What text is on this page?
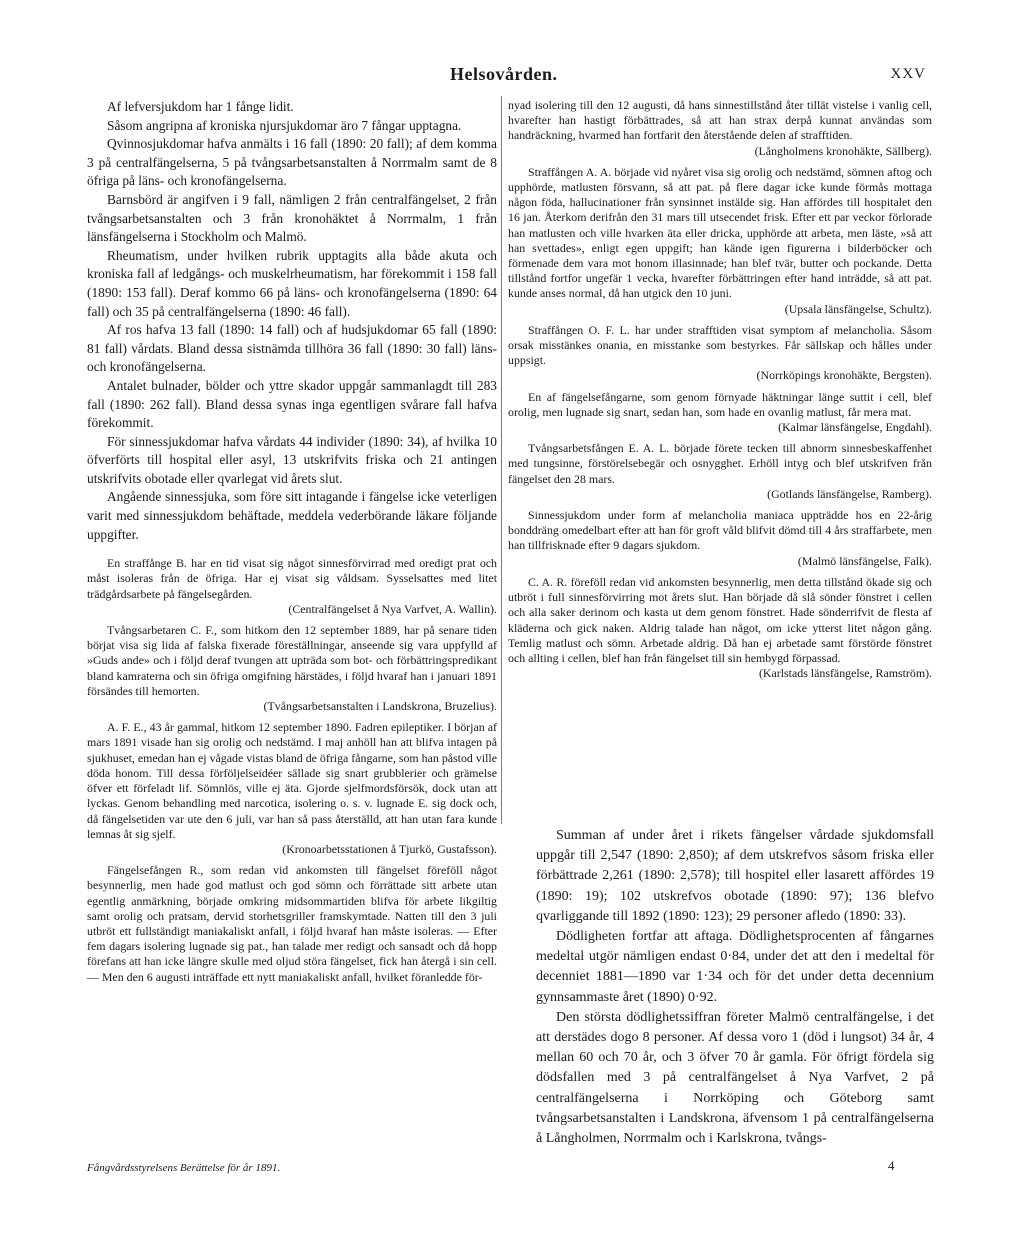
Helsovården.	XXV

Af lefversjukdom har 1 fånge lidit.

Såsom angripna af kroniska njursjukdomar äro 7 fångar upptagna.

Qvinnosjukdomar hafva anmälts i 16 fall (1890: 20 fall); af dem komma 3 på centralfängelserna, 5 på tvångsarbetsanstalten å Norrmalm samt de 8 öfriga på läns- och kronofängelserna.

Barnsbörd är angifven i 9 fall, nämligen 2 från centralfängelset, 2 från tvångsarbetsanstalten och 3 från kronohäktet å Norrmalm, 1 från länsfängelserna i Stockholm och Malmö.

Rheumatism, under hvilken rubrik upptagits alla både akuta och kroniska fall af ledgångs- och muskelrheumatism, har förekommit i 158 fall (1890: 153 fall). Deraf kommo 66 på läns- och kronofängelserna (1890: 64 fall) och 35 på centralfängelserna (1890: 46 fall).

Af ros hafva 13 fall (1890: 14 fall) och af hudsjukdomar 65 fall (1890: 81 fall) vårdats. Bland dessa sistnämda tillhöra 36 fall (1890: 30 fall) läns- och kronofängelserna.

Antalet bulnader, bölder och yttre skador uppgår sammanlagdt till 283 fall (1890: 262 fall). Bland dessa synas inga egentligen svårare fall hafva förekommit.

För sinnessjukdomar hafva vårdats 44 individer (1890: 34), af hvilka 10 öfverförts till hospital eller asyl, 13 utskrifvits friska och 21 antingen utskrifvits obotade eller qvarlegat vid årets slut.

Angående sinnessjuka, som före sitt intagande i fängelse icke veterligen varit med sinnessjukdom behäftade, meddela vederbörande läkare följande uppgifter.

En straffånge B. har en tid visat sig något sinnesförvirrad med oredigt prat och måst isoleras från de öfriga. Har ej visat sig våldsam. Sysselsattes med litet trädgårdsarbete på fängelsegården.

(Centralfängelset å Nya Varfvet, A. Wallin).

Tvångsarbetaren C. F., som hitkom den 12 september 1889, har på senare tiden börjat visa sig lida af falska fixerade föreställningar, anseende sig vara uppfylld af »Guds ande» och i följd deraf tvungen att upträda som bot- och förbättringspredikant bland kamraterna och sin öfriga omgifning härstädes, i följd hvaraf han i januari 1891 försändes till hemorten.

(Tvångsarbetsanstalten i Landskrona, Bruzelius).

A. F. E., 43 år gammal, hitkom 12 september 1890. Fadren epileptiker. I början af mars 1891 visade han sig orolig och nedstämd. I maj anhöll han att blifva intagen på sjukhuset, emedan han ej vågade vistas bland de öfriga fångarne, som han påstod ville döda honom. Till dessa förföljelseidéer sällade sig snart grubblerier och grämelse öfver ett förfeladt lif. Sömnlös, ville ej äta. Gjorde sjelfmordsförsök, dock utan att lyckas. Genom behandling med narcotica, isolering o. s. v. lugnade E. sig dock och, då fängelsetiden var ute den 6 juli, var han så pass återställd, att han utan fara kunde lemnas åt sig sjelf.

(Kronoarbetsstationen å Tjurkö, Gustafsson).

Fängelsefången R., som redan vid ankomsten till fängelset föreföll något besynnerlig, men hade god matlust och god sömn och förrättade sitt arbete utan egentlig anmärkning, började omkring midsommartiden blifva för arbete likgiltig samt orolig och pratsam, dervid storhetsgriller framskymtade. Natten till den 3 juli utbröt ett fullständigt maniakaliskt anfall, i följd hvaraf han måste isoleras. — Efter fem dagars isolering lugnade sig pat., han talade mer redigt och sansadt och då hopp förefans att han icke längre skulle med oljud störa fängelset, fick han återgå i sin cell. — Men den 6 augusti inträffade ett nytt maniakaliskt anfall, hvilket föranledde för-

nyad isolering till den 12 augusti, då hans sinnestillstånd åter tillät vistelse i vanlig cell, hvarefter han hastigt förbättrades, så att han strax derpå kunnat användas som handräckning, hvarmed han fortfarit den återstående delen af strafftiden.

(Långholmens kronohäkte, Sällberg).

Straffången A. A. började vid nyåret visa sig orolig och nedstämd, sömnen aftog och upphörde, matlusten försvann, så att pat. på flere dagar icke kunde förmås mottaga någon föda, hallucinationer från synsinnet instälde sig. Han affördes till hospitalet den 16 jan. Återkom derifrån den 31 mars till utsecendet frisk. Efter ett par veckor förlorade han matlusten och ville hvarken äta eller dricka, upphörde att arbeta, men läste, »så att han svettades», enligt egen uppgift; han kände igen figurerna i bilderböcker och förmenade dem vara mot honom illasinnade; han blef tvär, butter och pockande. Detta tillstånd fortfor ungefär 1 vecka, hvarefter förbättringen efter hand inträdde, så att pat. kunde anses normal, då han utgick den 10 juni.

(Upsala länsfängelse, Schultz).

Straffången O. F. L. har under strafftiden visat symptom af melancholia. Såsom orsak misstänkes onania, en misstanke som bestyrkes. Får sällskap och hålles under uppsigt.

(Norrköpings kronohäkte, Bergsten).

En af fängelsefångarne, som genom förnyade häktningar länge suttit i cell, blef orolig, men lugnade sig snart, sedan han, som hade en ovanlig matlust, får mera mat.

(Kalmar länsfängelse, Engdahl).

Tvångsarbetsfången E. A. L. började förete tecken till abnorm sinnesbeskaffenhet med tungsinne, förstörelsebegär och osnygghet. Erhöll intyg och blef utskrifven från fängelset den 28 mars.

(Gotlands länsfängelse, Ramberg).

Sinnessjukdom under form af melancholia maniaca uppträdde hos en 22-årig bonddräng omedelbart efter att han för groft våld blifvit dömd till 4 års straffarbete, men han tillfrisknade efter 9 dagars sjukdom.

(Malmö länsfängelse, Falk).

C. A. R. föreföll redan vid ankomsten besynnerlig, men detta tillstånd ökade sig och utbröt i full sinnesförvirring mot årets slut. Han började då slå sönder fönstret i cellen och alla saker derinom och kasta ut dem genom fönstret. Hade sönderrifvit de flesta af kläderna och gick naken. Aldrig talade han något, om icke ytterst litet någon gång. Temlig matlust och sömn. Arbetade aldrig. Då han ej arbetade samt förstörde fönstret och allting i cellen, blef han från fängelset till sin hembygd förpassad.

(Karlstads länsfängelse, Ramström).

Summan af under året i rikets fängelser vårdade sjukdomsfall uppgår till 2,547 (1890: 2,850); af dem utskrefvos såsom friska eller förbättrade 2,261 (1890: 2,578); till hospitel eller lasarett affördes 19 (1890: 19); 102 utskrefvos obotade (1890: 97); 136 blefvo qvarliggande till 1892 (1890: 123); 29 personer afledo (1890: 33).

Dödligheten fortfar att aftaga. Dödlighetsprocenten af fångarnes medeltal utgör nämligen endast 0·84, under det att den i medeltal för decenniet 1881—1890 var 1·34 och för det under detta decennium gynnsammaste året (1890) 0·92.

Den största dödlighetssiffran företer Malmö centralfängelse, i det att derstädes dogo 8 personer. Af dessa voro 1 (död i lungsot) 34 år, 4 mellan 60 och 70 år, och 3 öfver 70 år gamla. För öfrigt fördela sig dödsfallen med 3 på centralfängelset å Nya Varfvet, 2 på centralfängelserna i Norrköping och Göteborg samt tvångsarbetsanstalten i Landskrona, äfvensom 1 på centralfängelserna å Långholmen, Norrmalm och i Karlskrona, tvångs-

Fångvårdsstyrelsens Berättelse för år 1891.	4
